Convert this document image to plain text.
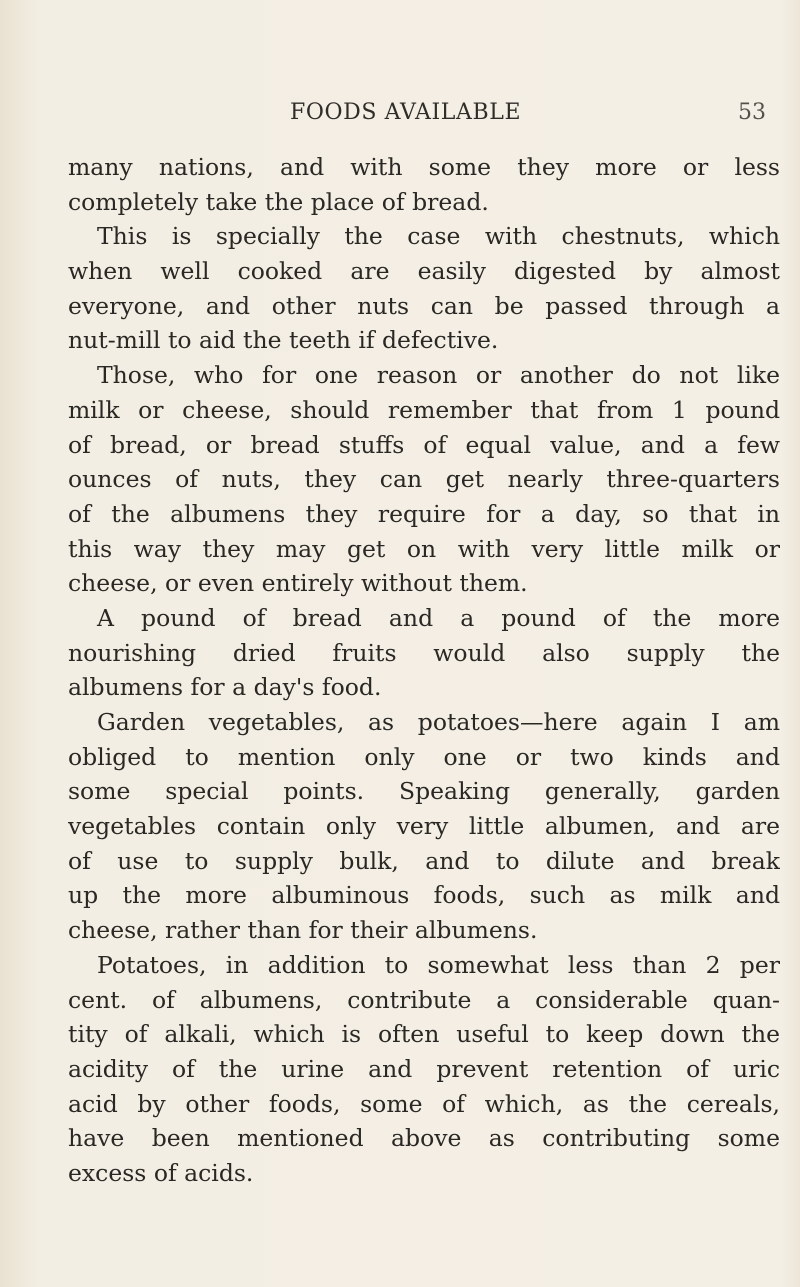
FOODS AVAILABLE	53
many nations, and with some they more or less
completely take the place of bread.
This is specially the case with chestnuts, which
when well cooked are easily digested by almost
everyone, and other nuts can be passed through a
nut-mill to aid the teeth if defective.
Those, who for one reason or another do not like
milk or cheese, should remember that from 1 pound
of bread, or bread stuffs of equal value, and a few
ounces of nuts, they can get nearly three-quarters
of the albumens they require for a day, so that in
this way they may get on with very little milk or
cheese, or even entirely without them.
A pound of bread and a pound of the more
nourishing dried fruits would also supply the
albumens for a day's food.
Garden vegetables, as potatoes—here again I am
obliged to mention only one or two kinds and
some special points. Speaking generally, garden
vegetables contain only very little albumen, and are
of use to supply bulk, and to dilute and break
up the more albuminous foods, such as milk and
cheese, rather than for their albumens.
Potatoes, in addition to somewhat less than 2 per
cent. of albumens, contribute a considerable quan-
tity of alkali, which is often useful to keep down the
acidity of the urine and prevent retention of uric
acid by other foods, some of which, as the cereals,
have been mentioned above as contributing some
excess of acids.
